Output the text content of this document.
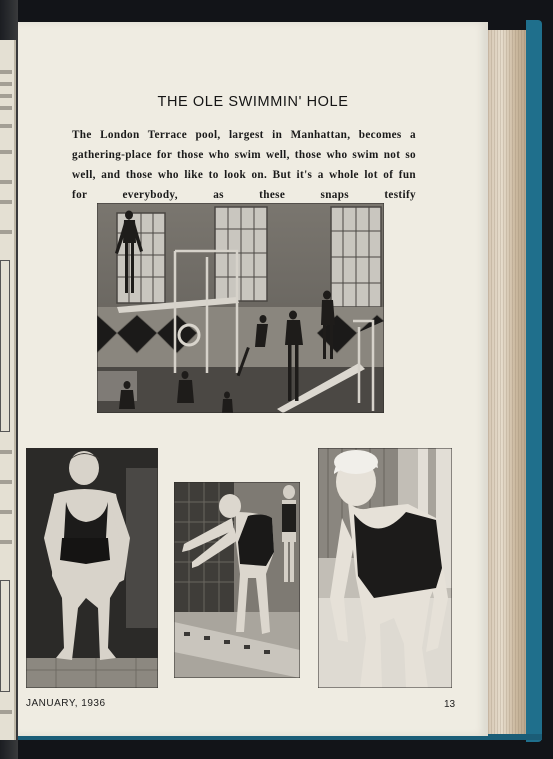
THE OLE SWIMMIN' HOLE
The London Terrace pool, largest in Manhattan, becomes a gathering-place for those who swim well, those who swim not so well, and those who like to look on. But it's a whole lot of fun for everybody, as these snaps testify
JANUARY, 1936	13
